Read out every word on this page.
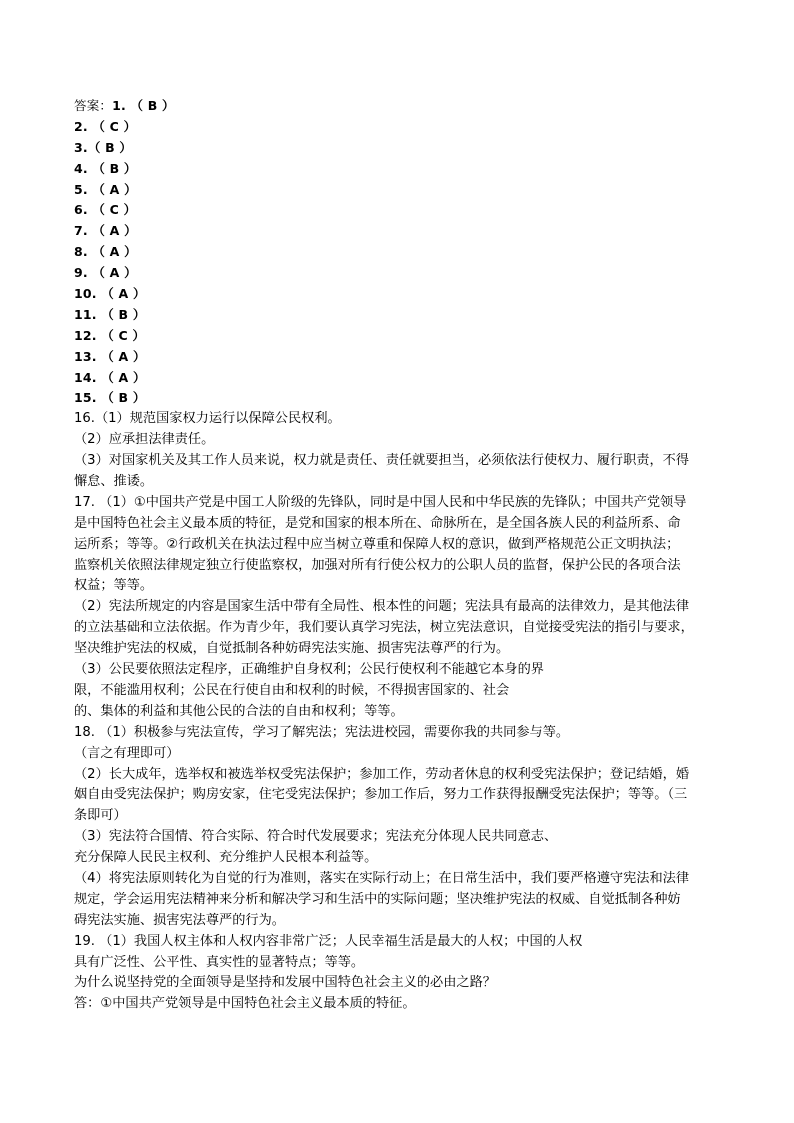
答案：1. （ B ）
2. （ C ）
3.（ B ）
4. （ B ）
5. （ A ）
6. （ C ）
7. （ A ）
8. （ A ）
9. （ A ）
10. （ A ）
11. （ B ）
12. （ C ）
13. （ A ）
14. （ A ）
15. （ B ）
16.（1）规范国家权力运行以保障公民权利。
（2）应承担法律责任。
（3）对国家机关及其工作人员来说，权力就是责任、责任就要担当，必须依法行使权力、履行职责，不得
懈怠、推诿。
17. （1）①中国共产党是中国工人阶级的先锋队，同时是中国人民和中华民族的先锋队；中国共产党领导
是中国特色社会主义最本质的特征，是党和国家的根本所在、命脉所在，是全国各族人民的利益所系、命
运所系；等等。②行政机关在执法过程中应当树立尊重和保障人权的意识，做到严格规范公正文明执法；
监察机关依照法律规定独立行使监察权，加强对所有行使公权力的公职人员的监督，保护公民的各项合法
权益；等等。
（2）宪法所规定的内容是国家生活中带有全局性、根本性的问题；宪法具有最高的法律效力，是其他法律
的立法基础和立法依据。作为青少年，我们要认真学习宪法，树立宪法意识，自觉接受宪法的指引与要求，
坚决维护宪法的权威，自觉抵制各种妨碍宪法实施、损害宪法尊严的行为。
（3）公民要依照法定程序，正确维护自身权利；公民行使权利不能越它本身的界
限，不能滥用权利；公民在行使自由和权利的时候，不得损害国家的、社会
的、集体的利益和其他公民的合法的自由和权利；等等。
18. （1）积极参与宪法宣传，学习了解宪法；宪法进校园，需要你我的共同参与等。
（言之有理即可）
（2）长大成年，选举权和被选举权受宪法保护；参加工作，劳动者休息的权利受宪法保护；登记结婚，婚
姻自由受宪法保护；购房安家，住宅受宪法保护；参加工作后，努力工作获得报酬受宪法保护；等等。（三
条即可）
（3）宪法符合国情、符合实际、符合时代发展要求；宪法充分体现人民共同意志、
充分保障人民民主权利、充分维护人民根本利益等。
（4）将宪法原则转化为自觉的行为准则，落实在实际行动上；在日常生活中，我们要严格遵守宪法和法律
规定，学会运用宪法精神来分析和解决学习和生活中的实际问题；坚决维护宪法的权威、自觉抵制各种妨
碍宪法实施、损害宪法尊严的行为。
19. （1）我国人权主体和人权内容非常广泛；人民幸福生活是最大的人权；中国的人权
具有广泛性、公平性、真实性的显著特点；等等。
为什么说坚持党的全面领导是坚持和发展中国特色社会主义的必由之路？
答：①中国共产党领导是中国特色社会主义最本质的特征。
